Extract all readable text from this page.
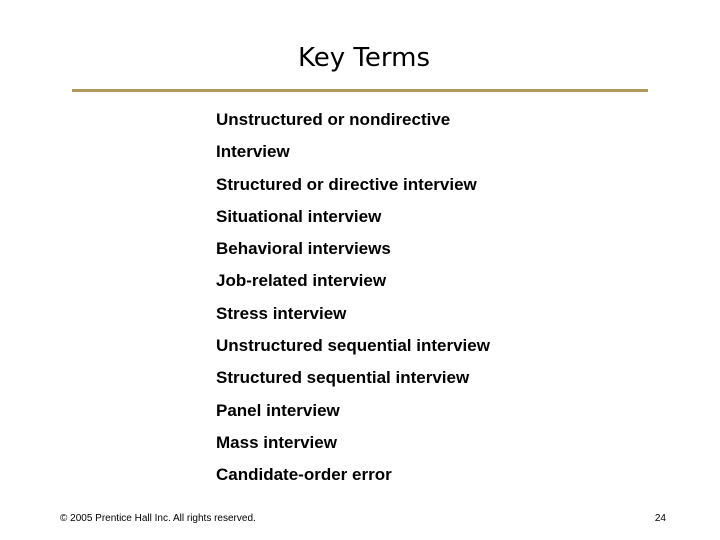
Key Terms
Unstructured or nondirective
Interview
Structured or directive interview
Situational interview
Behavioral interviews
Job-related interview
Stress interview
Unstructured sequential interview
Structured sequential interview
Panel interview
Mass interview
Candidate-order error
© 2005 Prentice Hall Inc. All rights reserved.	24
